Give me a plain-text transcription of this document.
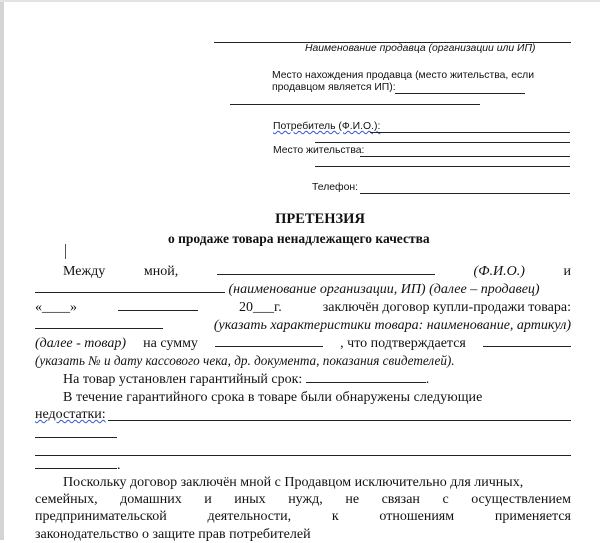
Наименование продавца (организации или ИП)
Место нахождения продавца (место жительства, если
продавцом является ИП):
Потребитель (Ф.И.О.):
Место жительства:
Телефон:
ПРЕТЕНЗИЯ
о продаже товара ненадлежащего качества
Между	мной,	(Ф.И.О.)	и
(наименование организации, ИП) (далее – продавец)
«____»	20___г.	заключён договор купли-продажи товара:
(указать характеристики товара: наименование, артикул)
(далее - товар) на сумму	, что подтверждается
(указать № и дату кассового чека, др. документа, показания свидетелей).
На товар установлен гарантийный срок:	.
В течение гарантийного срока в товаре были обнаружены следующие
недостатки:
.
Поскольку договор заключён мной с Продавцом исключительно для личных,
семейных, домашних и иных нужд, не связан с осуществлением
предпринимательской	деятельности,	к	отношениям	применяется
законодательство о защите прав потребителей
